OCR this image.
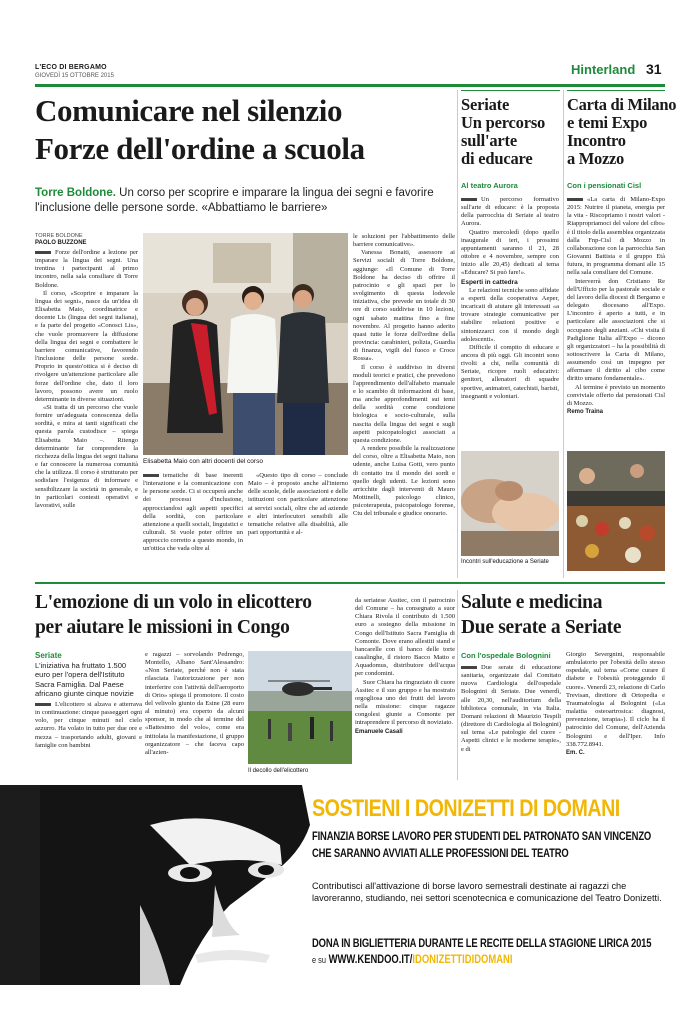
L'ECO DI BERGAMO
GIOVEDÌ 15 OTTOBRE 2015	Hinterland 31
Comunicare nel silenzio
Forze dell'ordine a scuola
Torre Boldone. Un corso per scoprire e imparare la lingua dei segni e favorire l'inclusione delle persone sorde. «Abbattiamo le barriere»
TORRE BOLDONE
PAOLO BUZZONE

Forze dell'ordine a lezione per imparare la lingua dei segni. Una trentina i partecipanti al primo incontro, nella sala consiliare di Torre Boldone.

Il corso, «Scoprire e imparare la lingua dei segni», nasce da un'idea di Elisabetta Maio, coordinatrice e docente Lis (lingua dei segni italiana), e fa parte del progetto «Conosci Lis», che vuole promuovere la diffusione della lingua dei segni e combattere le barriere comunicative, favorendo l'inclusione delle persone sorde. Proprio in questo'ottica si è deciso di rivolgere un'attenzione particolare alle forze dell'ordine che, dato il loro lavoro, possono avere un ruolo determinante in diverse situazioni.

«Si tratta di un percorso che vuole fornire un'adeguata conoscenza della sordità, e mira ai tanti significati che questa parola custodisce – spiega Elisabetta Maio –. Ritengo determinante far comprendere la ricchezza della lingua dei segni italiana e far conoscere la numerosa comunità che la utilizza. Il corso è strutturato per sodisfare l'esigenza di informare e sensibilizzare la società in generale, e in particolari contesti operativi e lavorativi, sulle

Elisabetta Maio con altri docenti del corso

tematiche di base inerenti l'interazione e la comunicazione con le persone sorde. Ci si occuperà anche dei processi d'inclusione, approcciandosi agli aspetti specifici della sordità, con particolare attenzione a quelli sociali, linguistici e culturali. Si vuole poter offrire un approccio corretto a questo mondo, in un'ottica che vada oltre al

«Questo tipo di corso – conclude Maio – è proposto anche all'interno delle scuole, delle associazioni e delle istituzioni con particolare attenzione ai servizi sociali, oltre che ad aziende e altri interlocutori sensibili alle tematiche relative alla disabilità, alle pari opportunità e al-

le soluzioni per l'abbattimento delle barriere comunicative».

Vanessa Bonaiti, assessore ai Servizi sociali di Torre Boldone, aggiunge: «Il Comune di Torre Boldone ha deciso di offrire il patrocinio e gli spazi per lo svolgimento di questa lodevole iniziativa, che prevede un totale di 30 ore di corso suddivise in 10 lezioni, ogni sabato mattina fino a fine novembre. Al progetto hanno aderito quasi tutte le forze dell'ordine della provincia: carabinieri, polizia, Guardia di finanza, vigili del fuoco e Croce Rossa».

Il corso è suddiviso in diversi moduli teorici e pratici, che prevedono l'apprendimento dell'alfabeto manuale e lo scambio di informazioni di base, ma anche approfondimenti sui temi della sordità come condizione biologica e socio-culturale, sulla nascita della lingua dei segni e sugli aspetti psicopatologici associati a questa condizione.

A rendere possibile la realizzazione del corso, oltre a Elisabetta Maio, non udente, anche Luisa Gotti, vero punto di contatto tra il mondo dei sordi e quello degli udenti. Le lezioni sono arricchite dagli interventi di Mauro Mottinelli, psicologo clinico, psicoterapeuta, psicopatologo forense, Ctu del tribunale e giudice onorario.

Seriate
Un percorso
sull'arte
di educare
Al teatro Aurora

Un percorso formativo sull'arte di educare: è la proposta della parrocchia di Seriate al teatro Aurora.

Quattro mercoledì (dopo quello inaugurale di ieri, i prossimi appuntamenti saranno il 21, 28 ottobre e 4 novembre, sempre con inizio alle 20,45) dedicati al tema «Educare? Si può fare!».

Esperti in cattedra

Le relazioni tecniche sono affidate a esperti della cooperativa Aeper, incaricati di aiutare gli interessati «a trovare strategie comunicative per stabilire relazioni positive e sintonizzarci con il mondo degli adolescenti».

Difficile il compito di educare e ancora di più oggi. Gli incontri sono rivolti a chi, nella comunità di Seriate, ricopre ruoli educativi: genitori, allenatori di squadre sportive, animatori, catechisti, baristi, insegnanti e volontari.

Incontri sull'educazione a Seriate
Carta di Milano
e temi Expo
Incontro
a Mozzo
Con i pensionati Cisl

«La carta di Milano-Expo 2015: Nutrire il pianeta, energia per la vita - Riscopriamo i nostri valori - Riappropriamoci del valore del cibo» è il titolo della assemblea organizzata dalla Fnp-Cisl di Mozzo in collaborazione con la parrocchia San Giovanni Battista e il gruppo Età futura, in programma domani alle 15 nella sala consiliare del Comune.

Interverrà don Cristiano Re dell'Ufficio per la pastorale sociale e del lavoro della diocesi di Bergamo e delegato diocesano all'Expo. L'incontro è aperto a tutti, e in particolare alle associazioni che si occupano degli anziani. «Chi visita il Padiglione Italia all'Expo – dicono gli organizzatori – ha la possibilità di sottoscrivere la Carta di Milano, assumendo così un impegno per affermare il diritto al cibo come diritto umano fondamentale».

Al termine è previsto un momento conviviale offerto dai pensionati Cisl di Mozzo.

Remo Traina

L'emozione di un volo in elicottero
per aiutare le missioni in Congo
Seriate
L'iniziativa ha fruttato 1.500 euro per l'opera dell'Istituto Sacra Famiglia. Dal Paese africano giunte cinque novizie

L'elicottero si alzava e atterrava in continuazione: cinque passeggeri ogni volo, per cinque minuti nel cielo azzurro. Ha volato in tutto per due ore e mezza – trasportando adulti, giovani e famiglie con bambini

e ragazzi – sorvolando Pedrengo, Montello, Albano Sant'Alessandro: «Non Seriate, perché non è stata rilasciata l'autorizzazione per non interferire con l'attività dell'aeroporto di Orio» spiega il promotore. Il costo del velivolo giunto da Esine (28 euro al minuto) era coperto da alcuni sponsor, in modo che al termine del «Battesimo del volo», come era intitolata la manifestazione, il gruppo organizzatore – che faceva capo all'azien-

Il decollo dell'elicottero

da seriatese Assitec, con il patrocinio del Comune – ha consegnato a suor Chiara Rivola il contributo di 1.500 euro a sostegno della missione in Congo dell'Istituto Sacra Famiglia di Comonte. Dove erano allestiti stand e bancarelle con il banco delle torte casalinghe, il ristoro Bacco Matto e Aquadomus, distributore dell'acqua per condomini.

Suor Chiara ha ringraziato di cuore Assitec e il suo gruppo e ha mostrato orgogliosa uno dei frutti del lavoro nella missione: cinque ragazze congolesi giunte a Comonte per intraprendere il percorso di noviziato.

Emanuele Casali

Salute e medicina
Due serate a Seriate
Con l'ospedale Bolognini

Due serate di educazione sanitaria, organizzate dal Comitato nuova Cardiologia dell'ospedale Bolognini di Seriate. Due venerdì, alle 20,30, nell'auditorium della biblioteca comunale, in via Italia. Domani relazioni di Maurizio Tespili (direttore di Cardiologia al Bolognini) sul tema «Le patologie del cuore - Aspetti clinici e le moderne terapie», e di

Giorgio Severgnini, responsabile ambulatorio per l'obesità dello stesso ospedale, sul tema «Come curare il diabete e l'obesità proteggendo il cuore». Venerdì 23, relazione di Carlo Trevisan, direttore di Ortopedia e Traumatologia al Bolognini («La malattia osteoartrosica: diagnosi, prevenzione, terapia»). Il ciclo ha il patrocinio del Comune, dell'Azienda Bolognini e dell'Iper. Info 338.772.8941.

Em. C.

SOSTIENI I DONIZETTI DI DOMANI
FINANZIA BORSE LAVORO PER STUDENTI DEL PATRONATO SAN VINCENZO
CHE SARANNO AVVIATI ALLE PROFESSIONI DEL TEATRO
Contributisci all'attivazione di borse lavoro semestrali destinate ai ragazzi che lavoreranno, studiando, nei settori scenotecnica e comunicazione del Teatro Donizetti.
DONA IN BIGLIETTERIA DURANTE LE RECITE DELLA STAGIONE LIRICA 2015
e su WWW.KENDOO.IT/IDONIZETTIDIDOMANI
